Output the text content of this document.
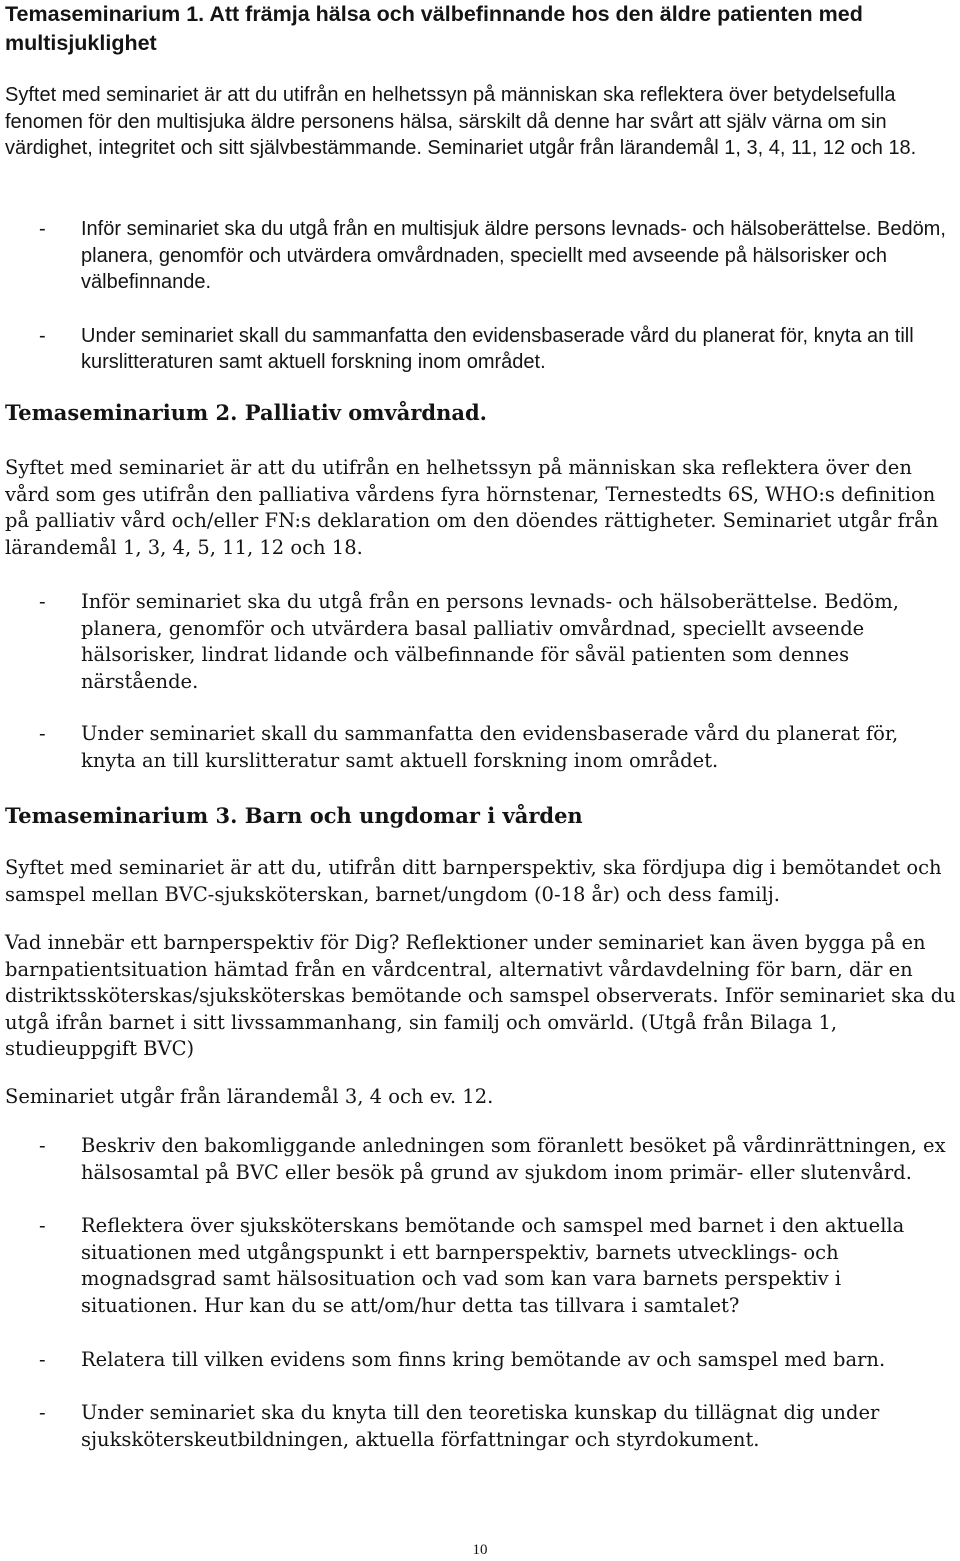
Temaseminarium 1. Att främja hälsa och välbefinnande hos den äldre patienten med multisjuklighet

Syftet med seminariet är att du utifrån en helhetssyn på människan ska reflektera över betydelsefulla fenomen för den multisjuka äldre personens hälsa, särskilt då denne har svårt att själv värna om sin värdighet, integritet och sitt självbestämmande. Seminariet utgår från lärandemål 1, 3, 4, 11, 12 och 18.

- Inför seminariet ska du utgå från en multisjuk äldre persons levnads- och hälsoberättelse. Bedöm, planera, genomför och utvärdera omvårdnaden, speciellt med avseende på hälsorisker och välbefinnande.
- Under seminariet skall du sammanfatta den evidensbaserade vård du planerat för, knyta an till kurslitteraturen samt aktuell forskning inom området.

Temaseminarium 2. Palliativ omvårdnad.

Syftet med seminariet är att du utifrån en helhetssyn på människan ska reflektera över den vård som ges utifrån den palliativa vårdens fyra hörnstenar, Ternestedts 6S, WHO:s definition på palliativ vård och/eller FN:s deklaration om den döendes rättigheter. Seminariet utgår från lärandemål 1, 3, 4, 5, 11, 12 och 18.

- Inför seminariet ska du utgå från en persons levnads- och hälsoberättelse. Bedöm, planera, genomför och utvärdera basal palliativ omvårdnad, speciellt avseende hälsorisker, lindrat lidande och välbefinnande för såväl patienten som dennes närstående.
- Under seminariet skall du sammanfatta den evidensbaserade vård du planerat för, knyta an till kurslitteratur samt aktuell forskning inom området.

Temaseminarium 3. Barn och ungdomar i vården

Syftet med seminariet är att du, utifrån ditt barnperspektiv, ska fördjupa dig i bemötandet och samspel mellan BVC-sjuksköterskan, barnet/ungdom (0-18 år) och dess familj.

Vad innebär ett barnperspektiv för Dig? Reflektioner under seminariet kan även bygga på en barnpatientsituation hämtad från en vårdcentral, alternativt vårdavdelning för barn, där en distriktssköterskas/sjuksköterskas bemötande och samspel observerats. Inför seminariet ska du utgå ifrån barnet i sitt livssammanhang, sin familj och omvärld. (Utgå från Bilaga 1, studieuppgift BVC)

Seminariet utgår från lärandemål 3, 4 och ev. 12.

- Beskriv den bakomliggande anledningen som föranlett besöket på vårdinrättningen, ex hälsosamtal på BVC eller besök på grund av sjukdom inom primär- eller slutenvård.
- Reflektera över sjuksköterskans bemötande och samspel med barnet i den aktuella situationen med utgångspunkt i ett barnperspektiv, barnets utvecklings- och mognadsgrad samt hälsosituation och vad som kan vara barnets perspektiv i situationen. Hur kan du se att/om/hur detta tas tillvara i samtalet?
- Relatera till vilken evidens som finns kring bemötande av och samspel med barn.
- Under seminariet ska du knyta till den teoretiska kunskap du tillägnat dig under sjuksköterskeutbildningen, aktuella författningar och styrdokument.
10
